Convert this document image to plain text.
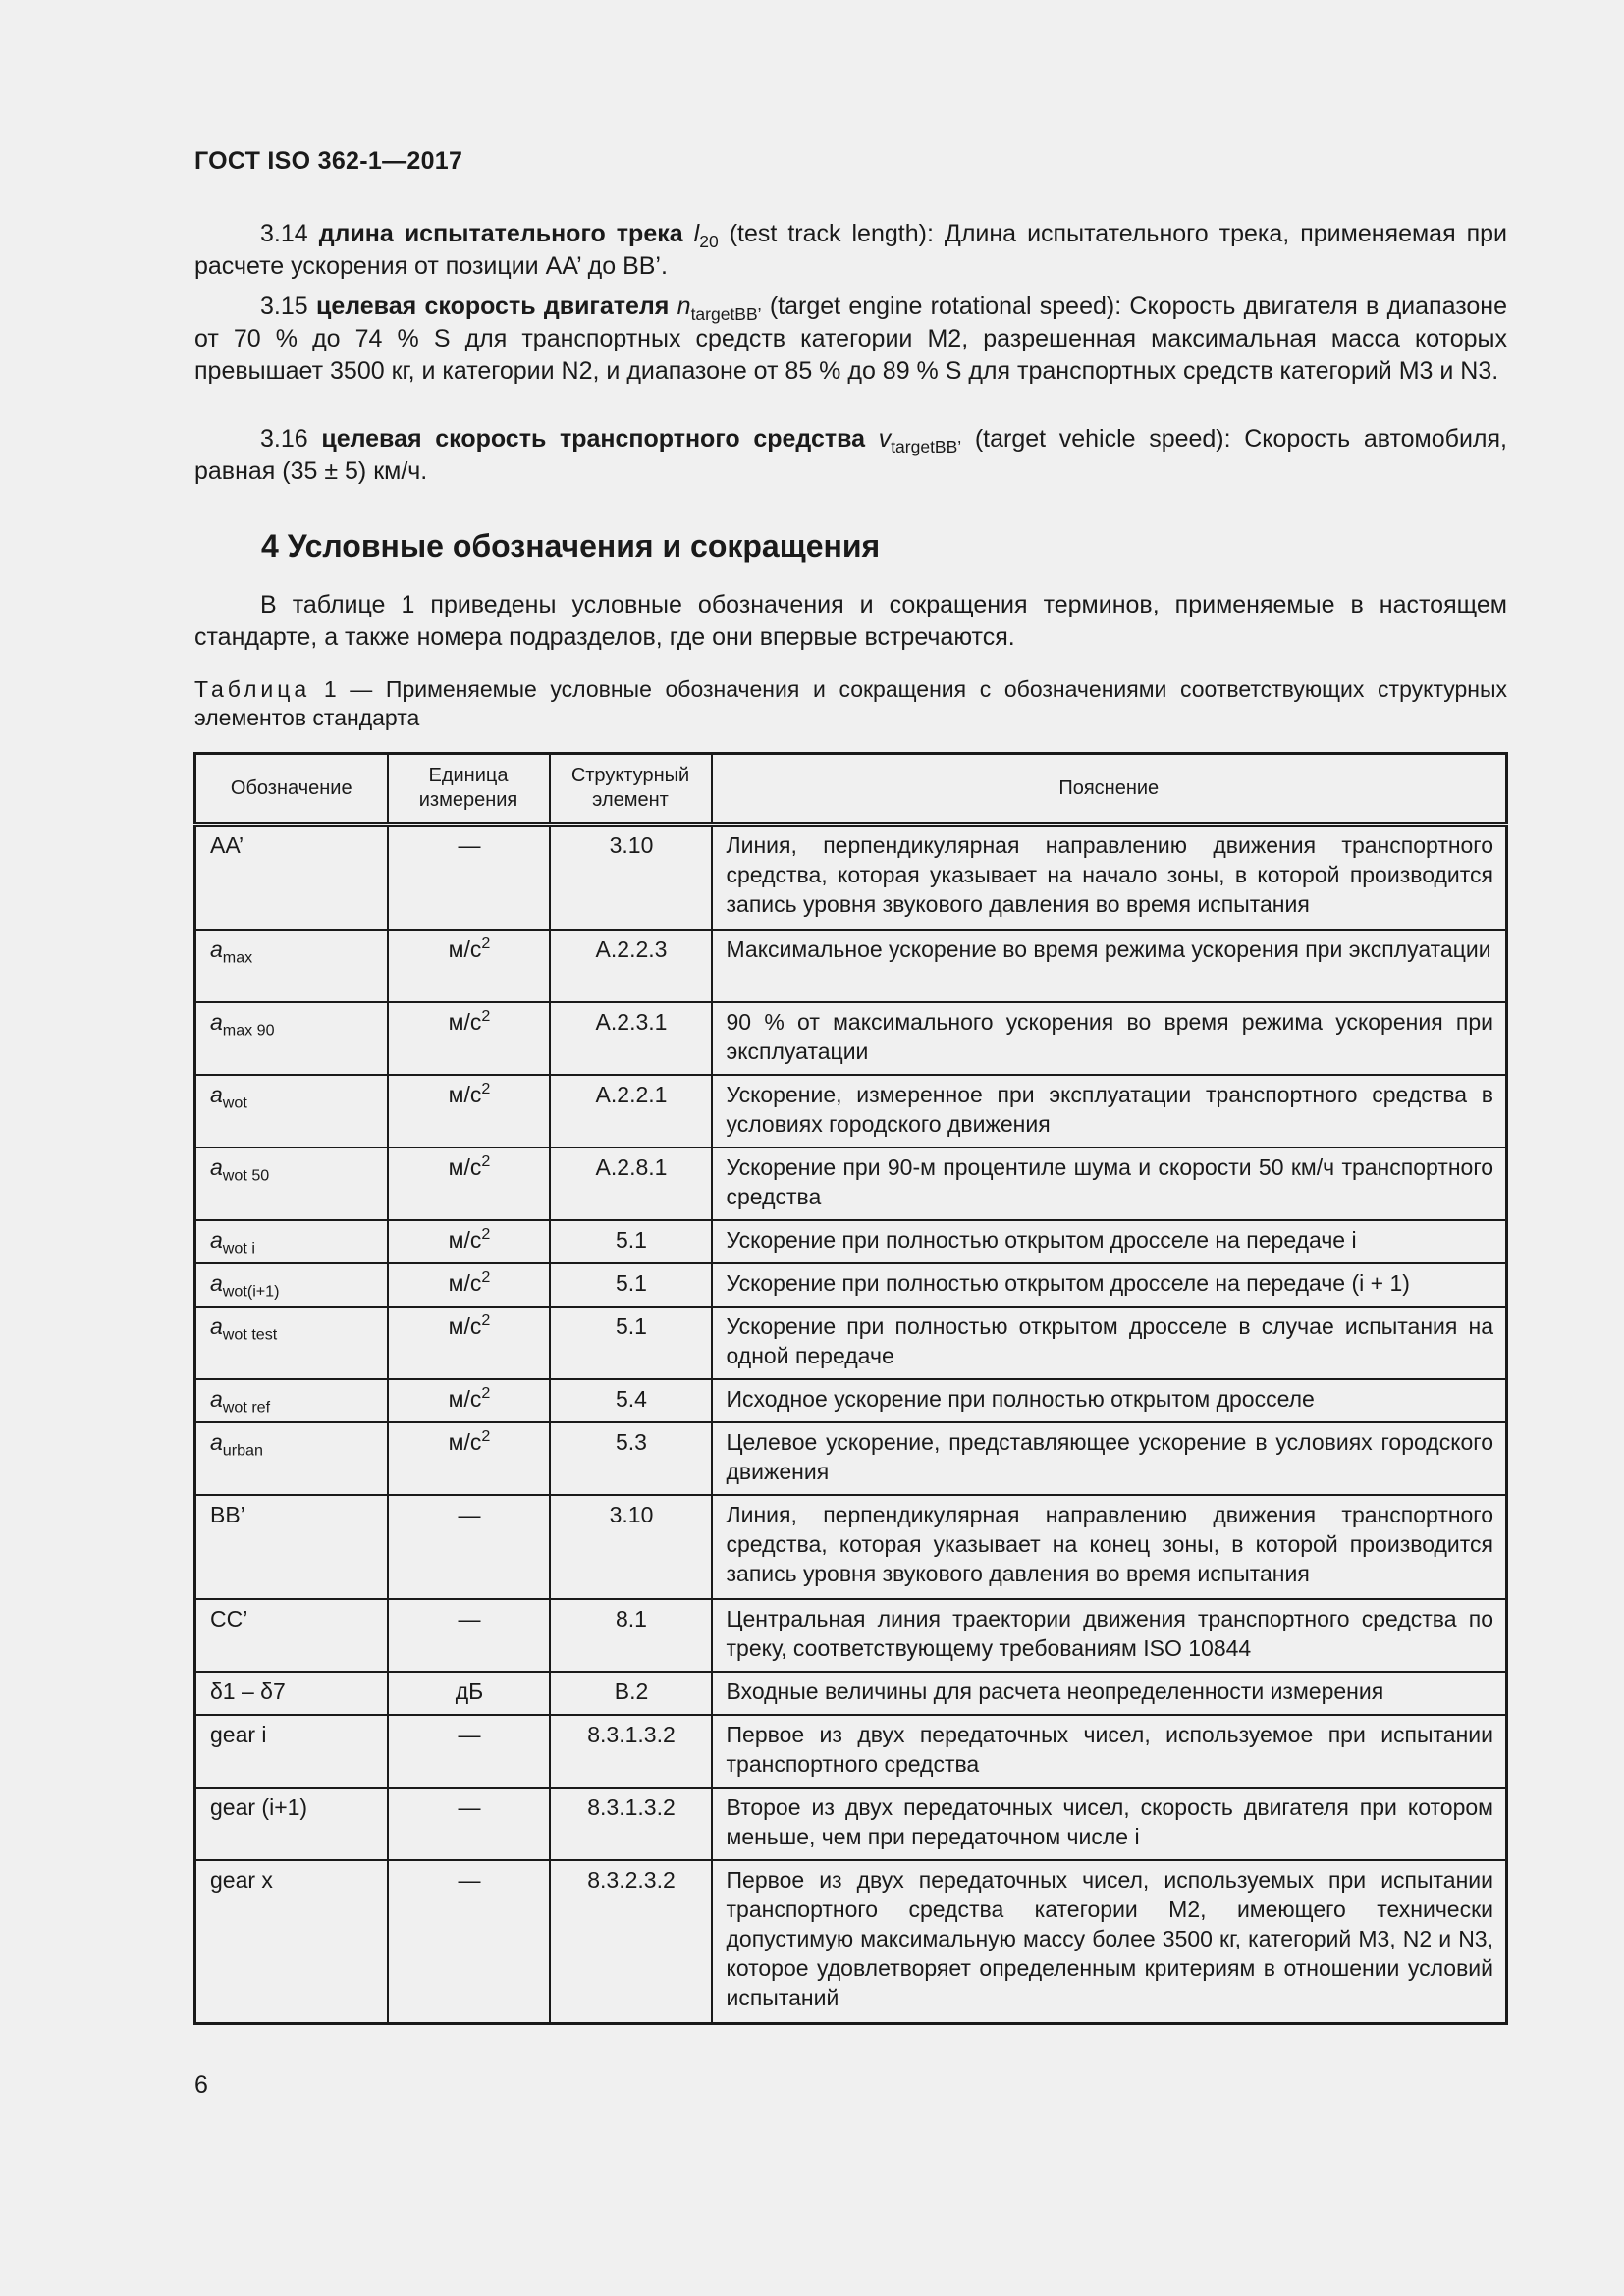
ГОСТ ISO 362-1—2017
3.14 длина испытательного трека $l_{20}$ (test track length): Длина испытательного трека, применяемая при расчете ускорения от позиции AA’ до BB’.
3.15 целевая скорость двигателя $n_{targetBB’}$ (target engine rotational speed): Скорость двигателя в диапазоне от 70 % до 74 % S для транспортных средств категории M2, разрешенная максимальная масса которых превышает 3500 кг, и категории N2, и диапазоне от 85 % до 89 % S для транспортных средств категорий M3 и N3.
3.16 целевая скорость транспортного средства $v_{targetBB’}$ (target vehicle speed): Скорость автомобиля, равная (35 ± 5) км/ч.
4 Условные обозначения и сокращения
В таблице 1 приведены условные обозначения и сокращения терминов, применяемые в настоящем стандарте, а также номера подразделов, где они впервые встречаются.
Таблица 1 — Применяемые условные обозначения и сокращения с обозначениями соответствующих структурных элементов стандарта
Обозначение	Единица измерения	Структурный элемент	Пояснение
AA’	—	3.10	Линия, перпендикулярная направлению движения транспортного средства, которая указывает на начало зоны, в которой производится запись уровня звукового давления во время испытания
$a_{max}$	$м/с^2$	A.2.2.3	Максимальное ускорение во время режима ускорения при эксплуатации
$a_{max 90}$	$м/с^2$	A.2.3.1	90 % от максимального ускорения во время режима ускорения при эксплуатации
$a_{wot}$	$м/с^2$	A.2.2.1	Ускорение, измеренное при эксплуатации транспортного средства в условиях городского движения
$a_{wot 50}$	$м/с^2$	A.2.8.1	Ускорение при 90-м процентиле шума и скорости 50 км/ч транспортного средства
$a_{wot i}$	$м/с^2$	5.1	Ускорение при полностью открытом дросселе на передаче i
$a_{wot(i+1)}$	$м/с^2$	5.1	Ускорение при полностью открытом дросселе на передаче (i + 1)
$a_{wot test}$	$м/с^2$	5.1	Ускорение при полностью открытом дросселе в случае испытания на одной передаче
$a_{wot ref}$	$м/с^2$	5.4	Исходное ускорение при полностью открытом дросселе
$a_{urban}$	$м/с^2$	5.3	Целевое ускорение, представляющее ускорение в условиях городского движения
BB’	—	3.10	Линия, перпендикулярная направлению движения транспортного средства, которая указывает на конец зоны, в которой производится запись уровня звукового давления во время испытания
CC’	—	8.1	Центральная линия траектории движения транспортного средства по треку, соответствующему требованиям ISO 10844
δ1 – δ7	дБ	B.2	Входные величины для расчета неопределенности измерения
gear i	—	8.3.1.3.2	Первое из двух передаточных чисел, используемое при испытании транспортного средства
gear (i+1)	—	8.3.1.3.2	Второе из двух передаточных чисел, скорость двигателя при котором меньше, чем при передаточном числе i
gear x	—	8.3.2.3.2	Первое из двух передаточных чисел, используемых при испытании транспортного средства категории M2, имеющего технически допустимую максимальную массу более 3500 кг, категорий M3, N2 и N3, которое удовлетворяет определенным критериям в отношении условий испытаний
6
